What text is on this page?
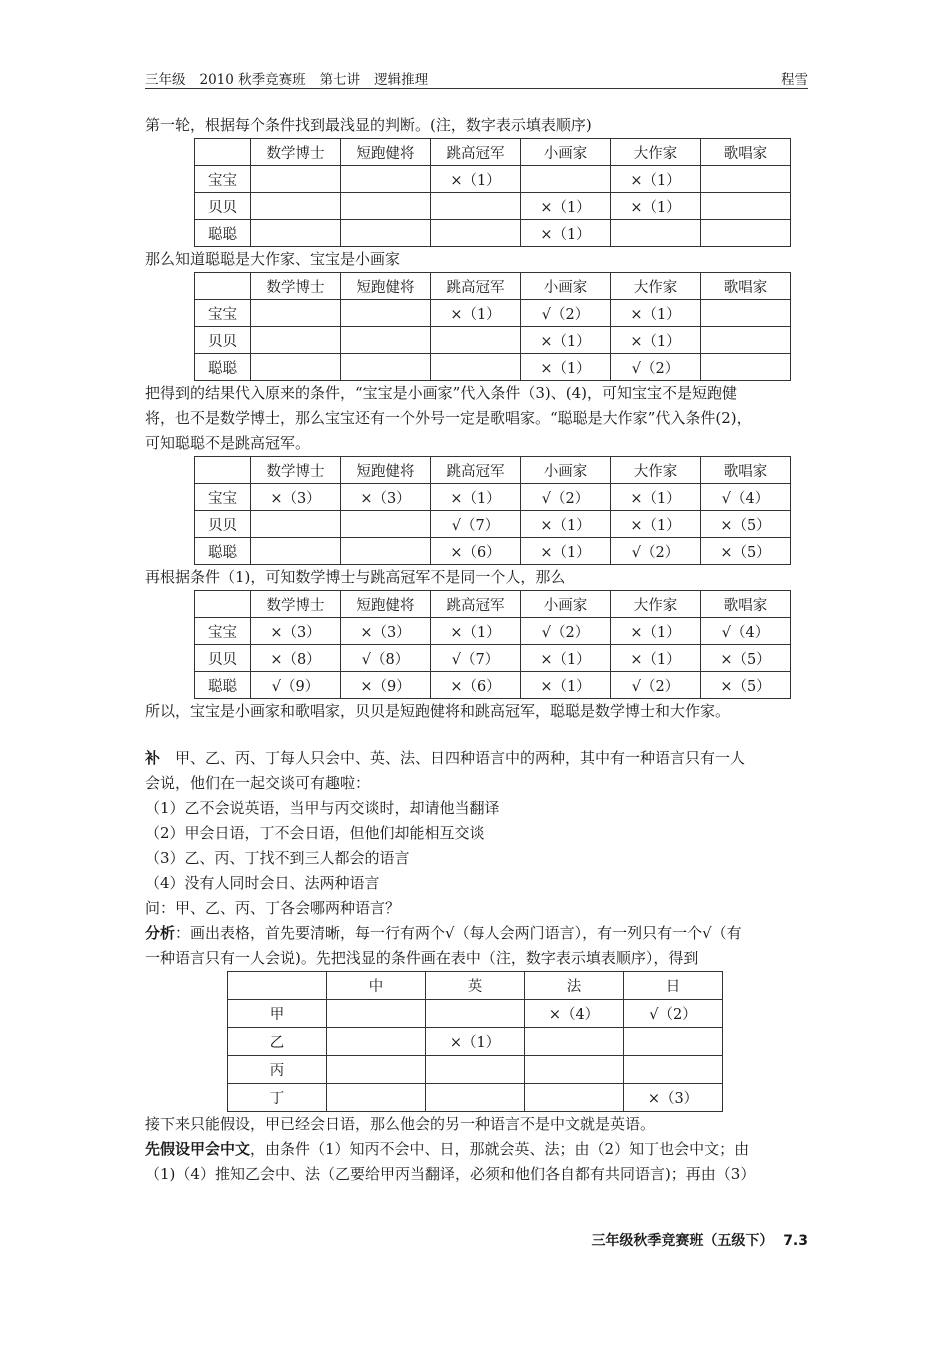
三年级 2010 秋季竞赛班 第七讲 逻辑推理	程雪

第一轮，根据每个条件找到最浅显的判断。(注，数字表示填表顺序)

	数学博士	短跑健将	跳高冠军	小画家	大作家	歌唱家
宝宝			×（1）		×（1）	
贝贝				×（1）	×（1）	
聪聪				×（1）		

那么知道聪聪是大作家、宝宝是小画家

	数学博士	短跑健将	跳高冠军	小画家	大作家	歌唱家
宝宝			×（1）	√（2）	×（1）	
贝贝				×（1）	×（1）	
聪聪				×（1）	√（2）	

把得到的结果代入原来的条件，“宝宝是小画家”代入条件（3)、(4)，可知宝宝不是短跑健

将，也不是数学博士，那么宝宝还有一个外号一定是歌唱家。“聪聪是大作家”代入条件(2)，

可知聪聪不是跳高冠军。

	数学博士	短跑健将	跳高冠军	小画家	大作家	歌唱家
宝宝	×（3）	×（3）	×（1）	√（2）	×（1）	√（4）
贝贝			√（7）	×（1）	×（1）	×（5）
聪聪			×（6）	×（1）	√（2）	×（5）

再根据条件（1)，可知数学博士与跳高冠军不是同一个人，那么

	数学博士	短跑健将	跳高冠军	小画家	大作家	歌唱家
宝宝	×（3）	×（3）	×（1）	√（2）	×（1）	√（4）
贝贝	×（8）	√（8）	√（7）	×（1）	×（1）	×（5）
聪聪	√（9）	×（9）	×（6）	×（1）	√（2）	×（5）

所以，宝宝是小画家和歌唱家，贝贝是短跑健将和跳高冠军，聪聪是数学博士和大作家。

补　甲、乙、丙、丁每人只会中、英、法、日四种语言中的两种，其中有一种语言只有一人

会说，他们在一起交谈可有趣啦：

（1）乙不会说英语，当甲与丙交谈时，却请他当翻译

（2）甲会日语，丁不会日语，但他们却能相互交谈

（3）乙、丙、丁找不到三人都会的语言

（4）没有人同时会日、法两种语言

问：甲、乙、丙、丁各会哪两种语言？

分析：画出表格，首先要清晰，每一行有两个√（每人会两门语言），有一列只有一个√（有

一种语言只有一人会说)。先把浅显的条件画在表中（注，数字表示填表顺序），得到

	中	英	法	日
甲			×（4）	√（2）
乙		×（1）		
丙				
丁				×（3）

接下来只能假设，甲已经会日语，那么他会的另一种语言不是中文就是英语。

先假设甲会中文，由条件（1）知丙不会中、日，那就会英、法；由（2）知丁也会中文；由

（1)（4）推知乙会中、法（乙要给甲丙当翻译，必须和他们各自都有共同语言)；再由（3）

三年级秋季竞赛班（五级下） 7.3
